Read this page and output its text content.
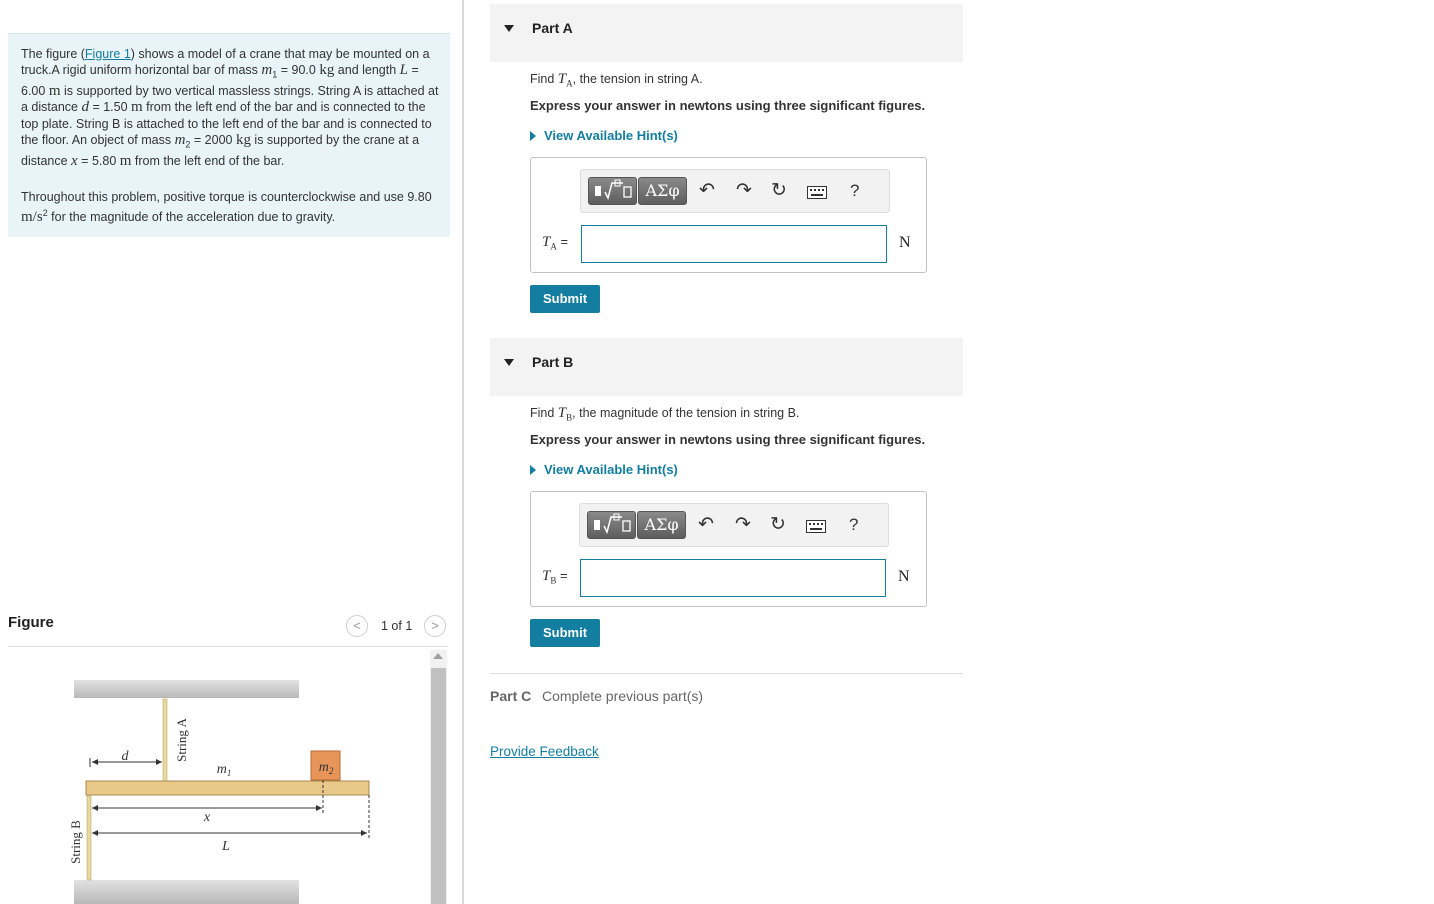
The figure (Figure 1) shows a model of a crane that may be mounted on a truck.A rigid uniform horizontal bar of mass $m_1 = 90.0$ kg and length L = 6.00 m is supported by two vertical massless strings. String A is attached at a distance d = 1.50 m from the left end of the bar and is connected to the top plate. String B is attached to the left end of the bar and is connected to the floor. An object of mass $m_2 = 2000$ kg is supported by the crane at a distance x = 5.80 m from the left end of the bar.

Throughout this problem, positive torque is counterclockwise and use 9.80 $m/s^2$ for the magnitude of the acceleration due to gravity.

Figure	<	1 of 1	>
$m_2$
d	String A
$m_1$
x
L
String B
Part A
Find $T_A$, the tension in string A.
Express your answer in newtons using three significant figures.
View Available Hint(s)
ΑΣφ	↶ ↷ ↻	?
$T_A$ =	N
Submit
Part B
Find $T_B$, the magnitude of the tension in string B.
Express your answer in newtons using three significant figures.
View Available Hint(s)
ΑΣφ	↶ ↷ ↻	?
$T_B$ =	N
Submit
Part C Complete previous part(s)
Provide Feedback
